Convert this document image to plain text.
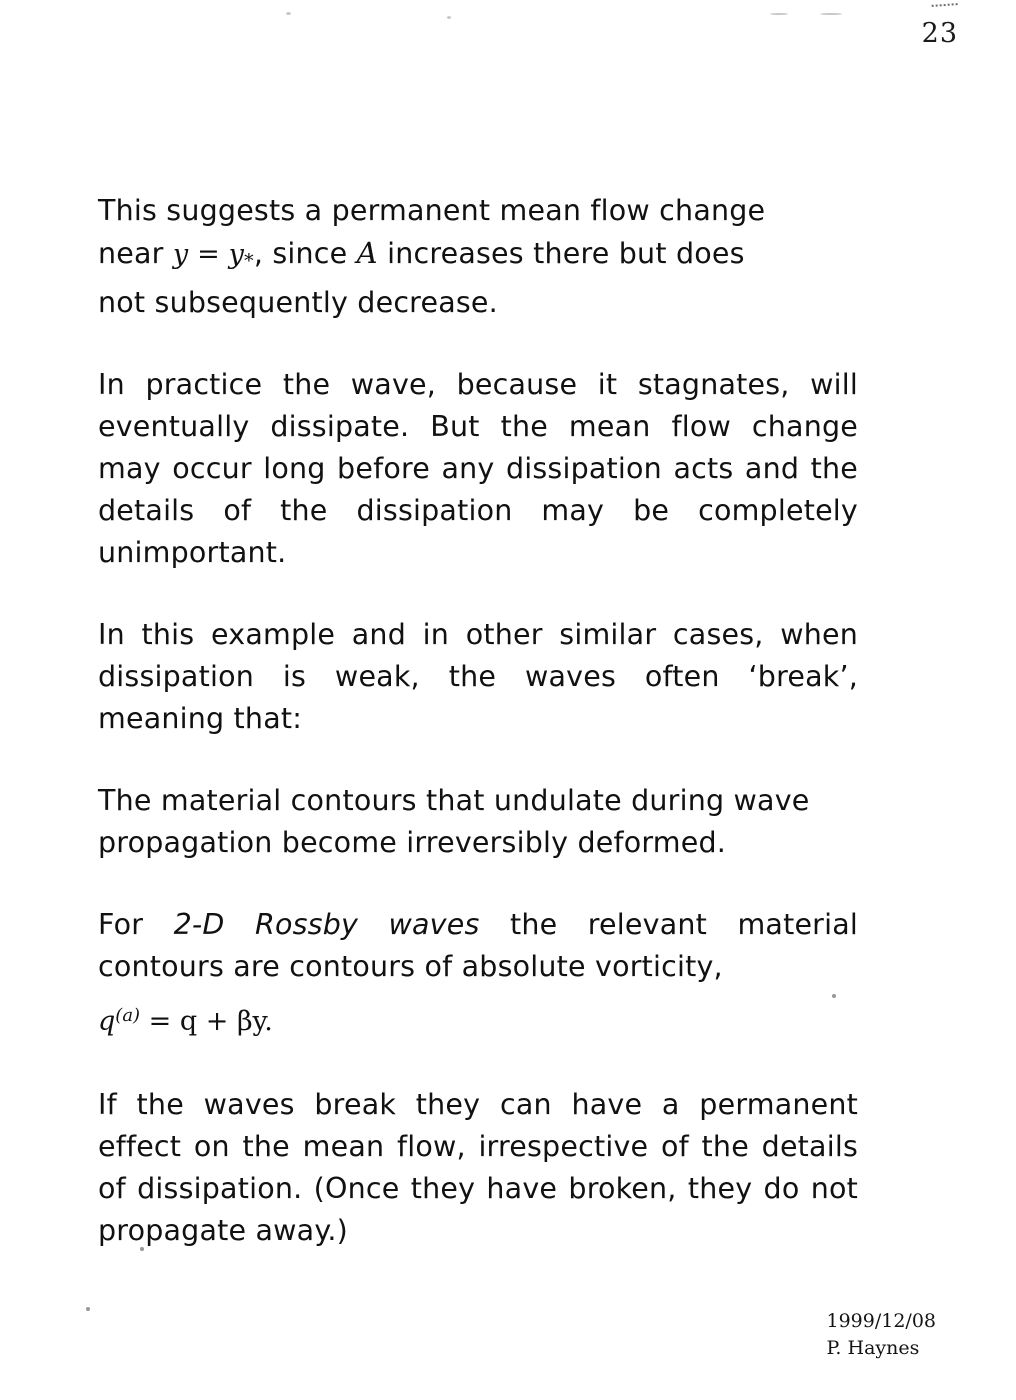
23

This suggests a permanent mean flow change
near $y = y_*$, since A increases there but does
not subsequently decrease.

In practice the wave, because it stagnates, will eventually dissipate. But the mean flow change may occur long before any dissipation acts and the details of the dissipation may be completely unimportant.

In this example and in other similar cases, when dissipation is weak, the waves often ‘break’, meaning that:

The material contours that undulate during wave propagation become irreversibly deformed.

For 2-D Rossby waves the relevant material contours are contours of absolute vorticity,

$q^{(a)} = q + \beta y$.

If the waves break they can have a permanent effect on the mean flow, irrespective of the details of dissipation. (Once they have broken, they do not propagate away.)

1999/12/08
P. Haynes
